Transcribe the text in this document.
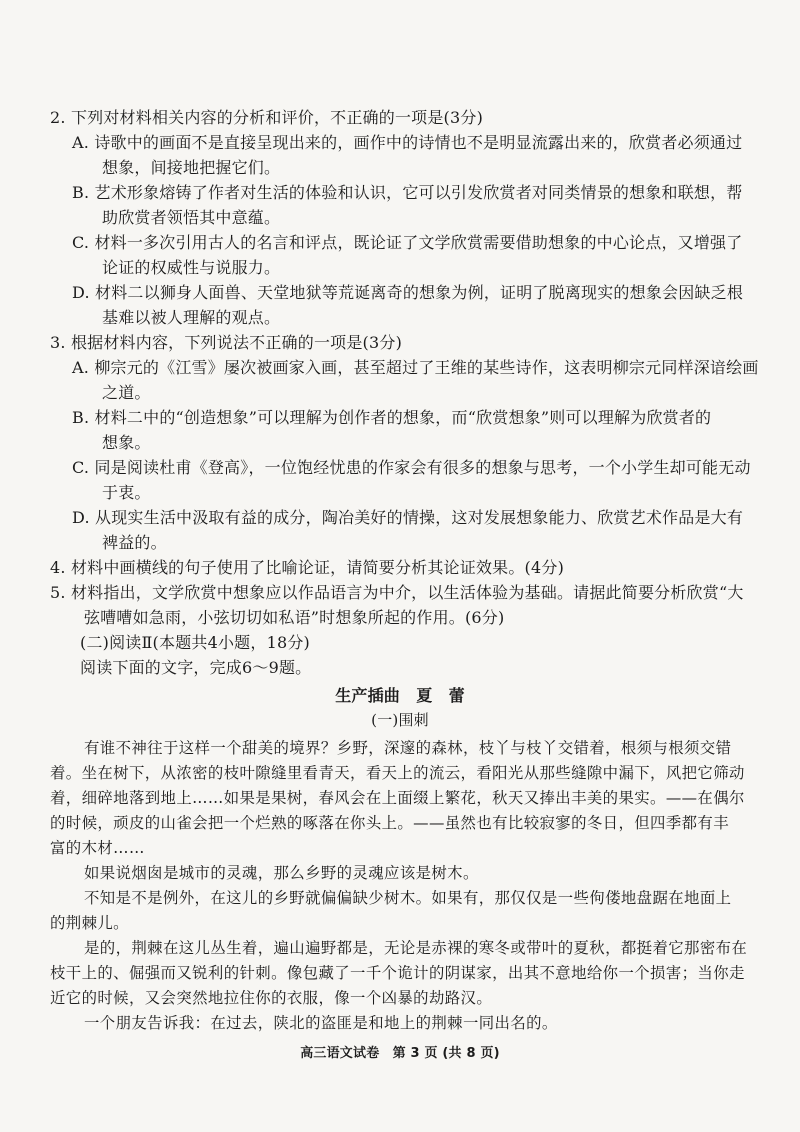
2. 下列对材料相关内容的分析和评价，不正确的一项是(3分)
A. 诗歌中的画面不是直接呈现出来的，画作中的诗情也不是明显流露出来的，欣赏者必须通过
想象，间接地把握它们。
B. 艺术形象熔铸了作者对生活的体验和认识，它可以引发欣赏者对同类情景的想象和联想，帮
助欣赏者领悟其中意蕴。
C. 材料一多次引用古人的名言和评点，既论证了文学欣赏需要借助想象的中心论点，又增强了
论证的权威性与说服力。
D. 材料二以狮身人面兽、天堂地狱等荒诞离奇的想象为例，证明了脱离现实的想象会因缺乏根
基难以被人理解的观点。
3. 根据材料内容，下列说法不正确的一项是(3分)
A. 柳宗元的《江雪》屡次被画家入画，甚至超过了王维的某些诗作，这表明柳宗元同样深谙绘画
之道。
B. 材料二中的“创造想象”可以理解为创作者的想象，而“欣赏想象”则可以理解为欣赏者的
想象。
C. 同是阅读杜甫《登高》，一位饱经忧患的作家会有很多的想象与思考，一个小学生却可能无动
于衷。
D. 从现实生活中汲取有益的成分，陶冶美好的情操，这对发展想象能力、欣赏艺术作品是大有
裨益的。
4. 材料中画横线的句子使用了比喻论证，请简要分析其论证效果。(4分)
5. 材料指出，文学欣赏中想象应以作品语言为中介，以生活体验为基础。请据此简要分析欣赏“大
弦嘈嘈如急雨，小弦切切如私语”时想象所起的作用。(6分)
(二)阅读Ⅱ(本题共4小题，18分)
阅读下面的文字，完成6～9题。
生产插曲　夏　蕾
(一)围刺
有谁不神往于这样一个甜美的境界？乡野，深邃的森林，枝丫与枝丫交错着，根须与根须交错
着。坐在树下，从浓密的枝叶隙缝里看青天，看天上的流云，看阳光从那些缝隙中漏下，风把它筛动
着，细碎地落到地上……如果是果树，春风会在上面缀上繁花，秋天又捧出丰美的果实。——在偶尔
的时候，顽皮的山雀会把一个烂熟的啄落在你头上。——虽然也有比较寂寥的冬日，但四季都有丰
富的木材……
如果说烟囱是城市的灵魂，那么乡野的灵魂应该是树木。
不知是不是例外，在这儿的乡野就偏偏缺少树木。如果有，那仅仅是一些佝偻地盘踞在地面上
的荆棘儿。
是的，荆棘在这儿丛生着，遍山遍野都是，无论是赤裸的寒冬或带叶的夏秋，都挺着它那密布在
枝干上的、倔强而又锐利的针刺。像包藏了一千个诡计的阴谋家，出其不意地给你一个损害；当你走
近它的时候，又会突然地拉住你的衣服，像一个凶暴的劫路汉。
一个朋友告诉我：在过去，陕北的盗匪是和地上的荆棘一同出名的。
高三语文试卷　第 3 页 (共 8 页)
